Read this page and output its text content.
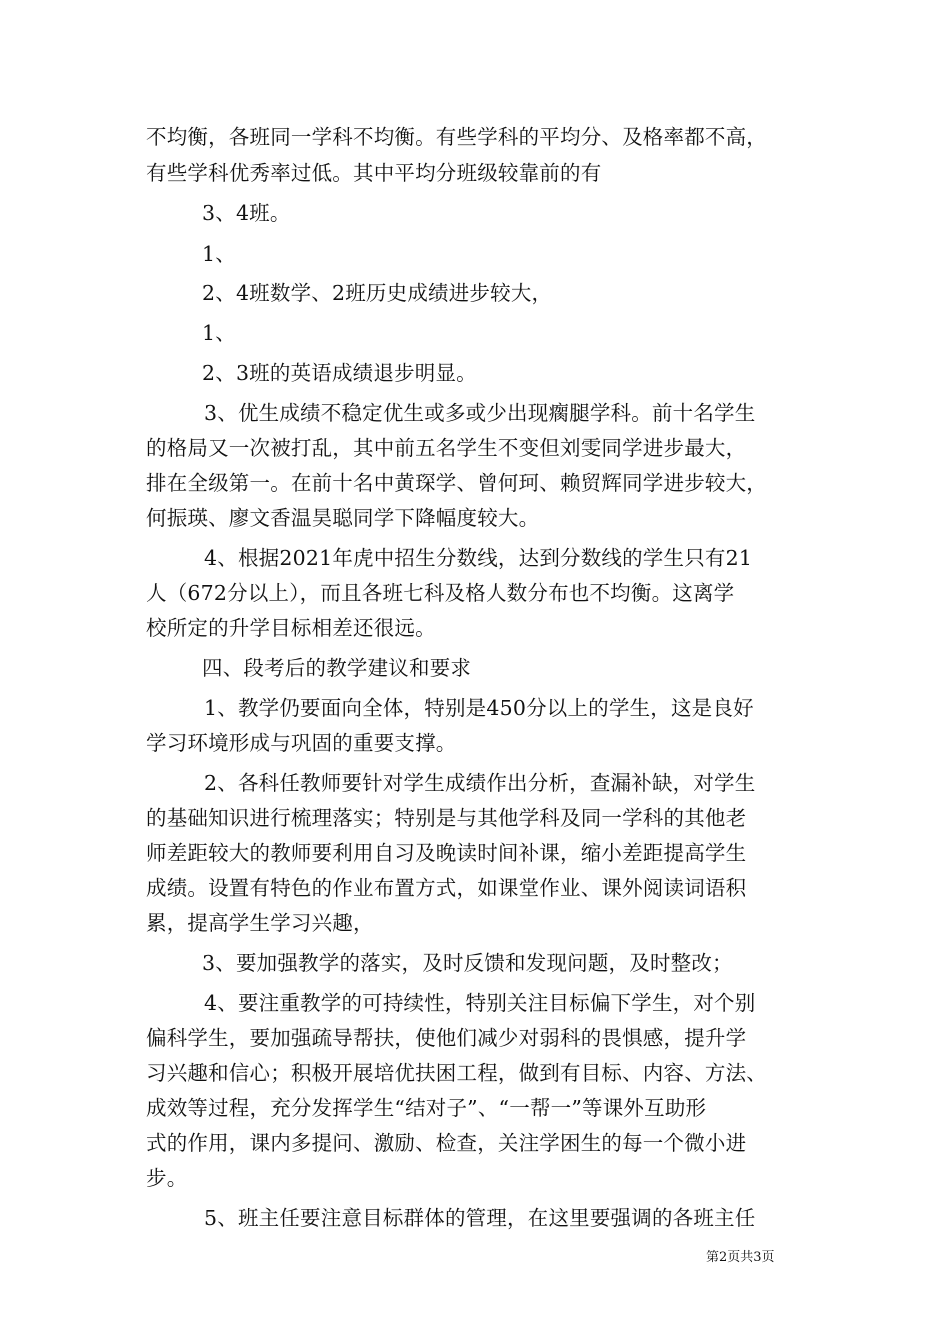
不均衡，各班同一学科不均衡。有些学科的平均分、及格率都不高，
有些学科优秀率过低。其中平均分班级较靠前的有
3、4班。
1、
2、4班数学、2班历史成绩进步较大，
1、
2、3班的英语成绩退步明显。
3、优生成绩不稳定优生或多或少出现瘸腿学科。前十名学生
的格局又一次被打乱，其中前五名学生不变但刘雯同学进步最大，
排在全级第一。在前十名中黄琛学、曾何珂、赖贸辉同学进步较大，
何振瑛、廖文香温昊聪同学下降幅度较大。
4、根据2021年虎中招生分数线，达到分数线的学生只有21
人（672分以上），而且各班七科及格人数分布也不均衡。这离学
校所定的升学目标相差还很远。
四、段考后的教学建议和要求
1、教学仍要面向全体，特别是450分以上的学生，这是良好
学习环境形成与巩固的重要支撑。
2、各科任教师要针对学生成绩作出分析，查漏补缺，对学生
的基础知识进行梳理落实；特别是与其他学科及同一学科的其他老
师差距较大的教师要利用自习及晚读时间补课，缩小差距提高学生
成绩。设置有特色的作业布置方式，如课堂作业、课外阅读词语积
累，提高学生学习兴趣，
3、要加强教学的落实，及时反馈和发现问题，及时整改；
4、要注重教学的可持续性，特别关注目标偏下学生，对个别
偏科学生，要加强疏导帮扶，使他们减少对弱科的畏惧感，提升学
习兴趣和信心；积极开展培优扶困工程，做到有目标、内容、方法、
成效等过程，充分发挥学生“结对子”、“一帮一”等课外互助形
式的作用，课内多提问、激励、检查，关注学困生的每一个微小进
步。
5、班主任要注意目标群体的管理，在这里要强调的各班主任
第2页共3页
